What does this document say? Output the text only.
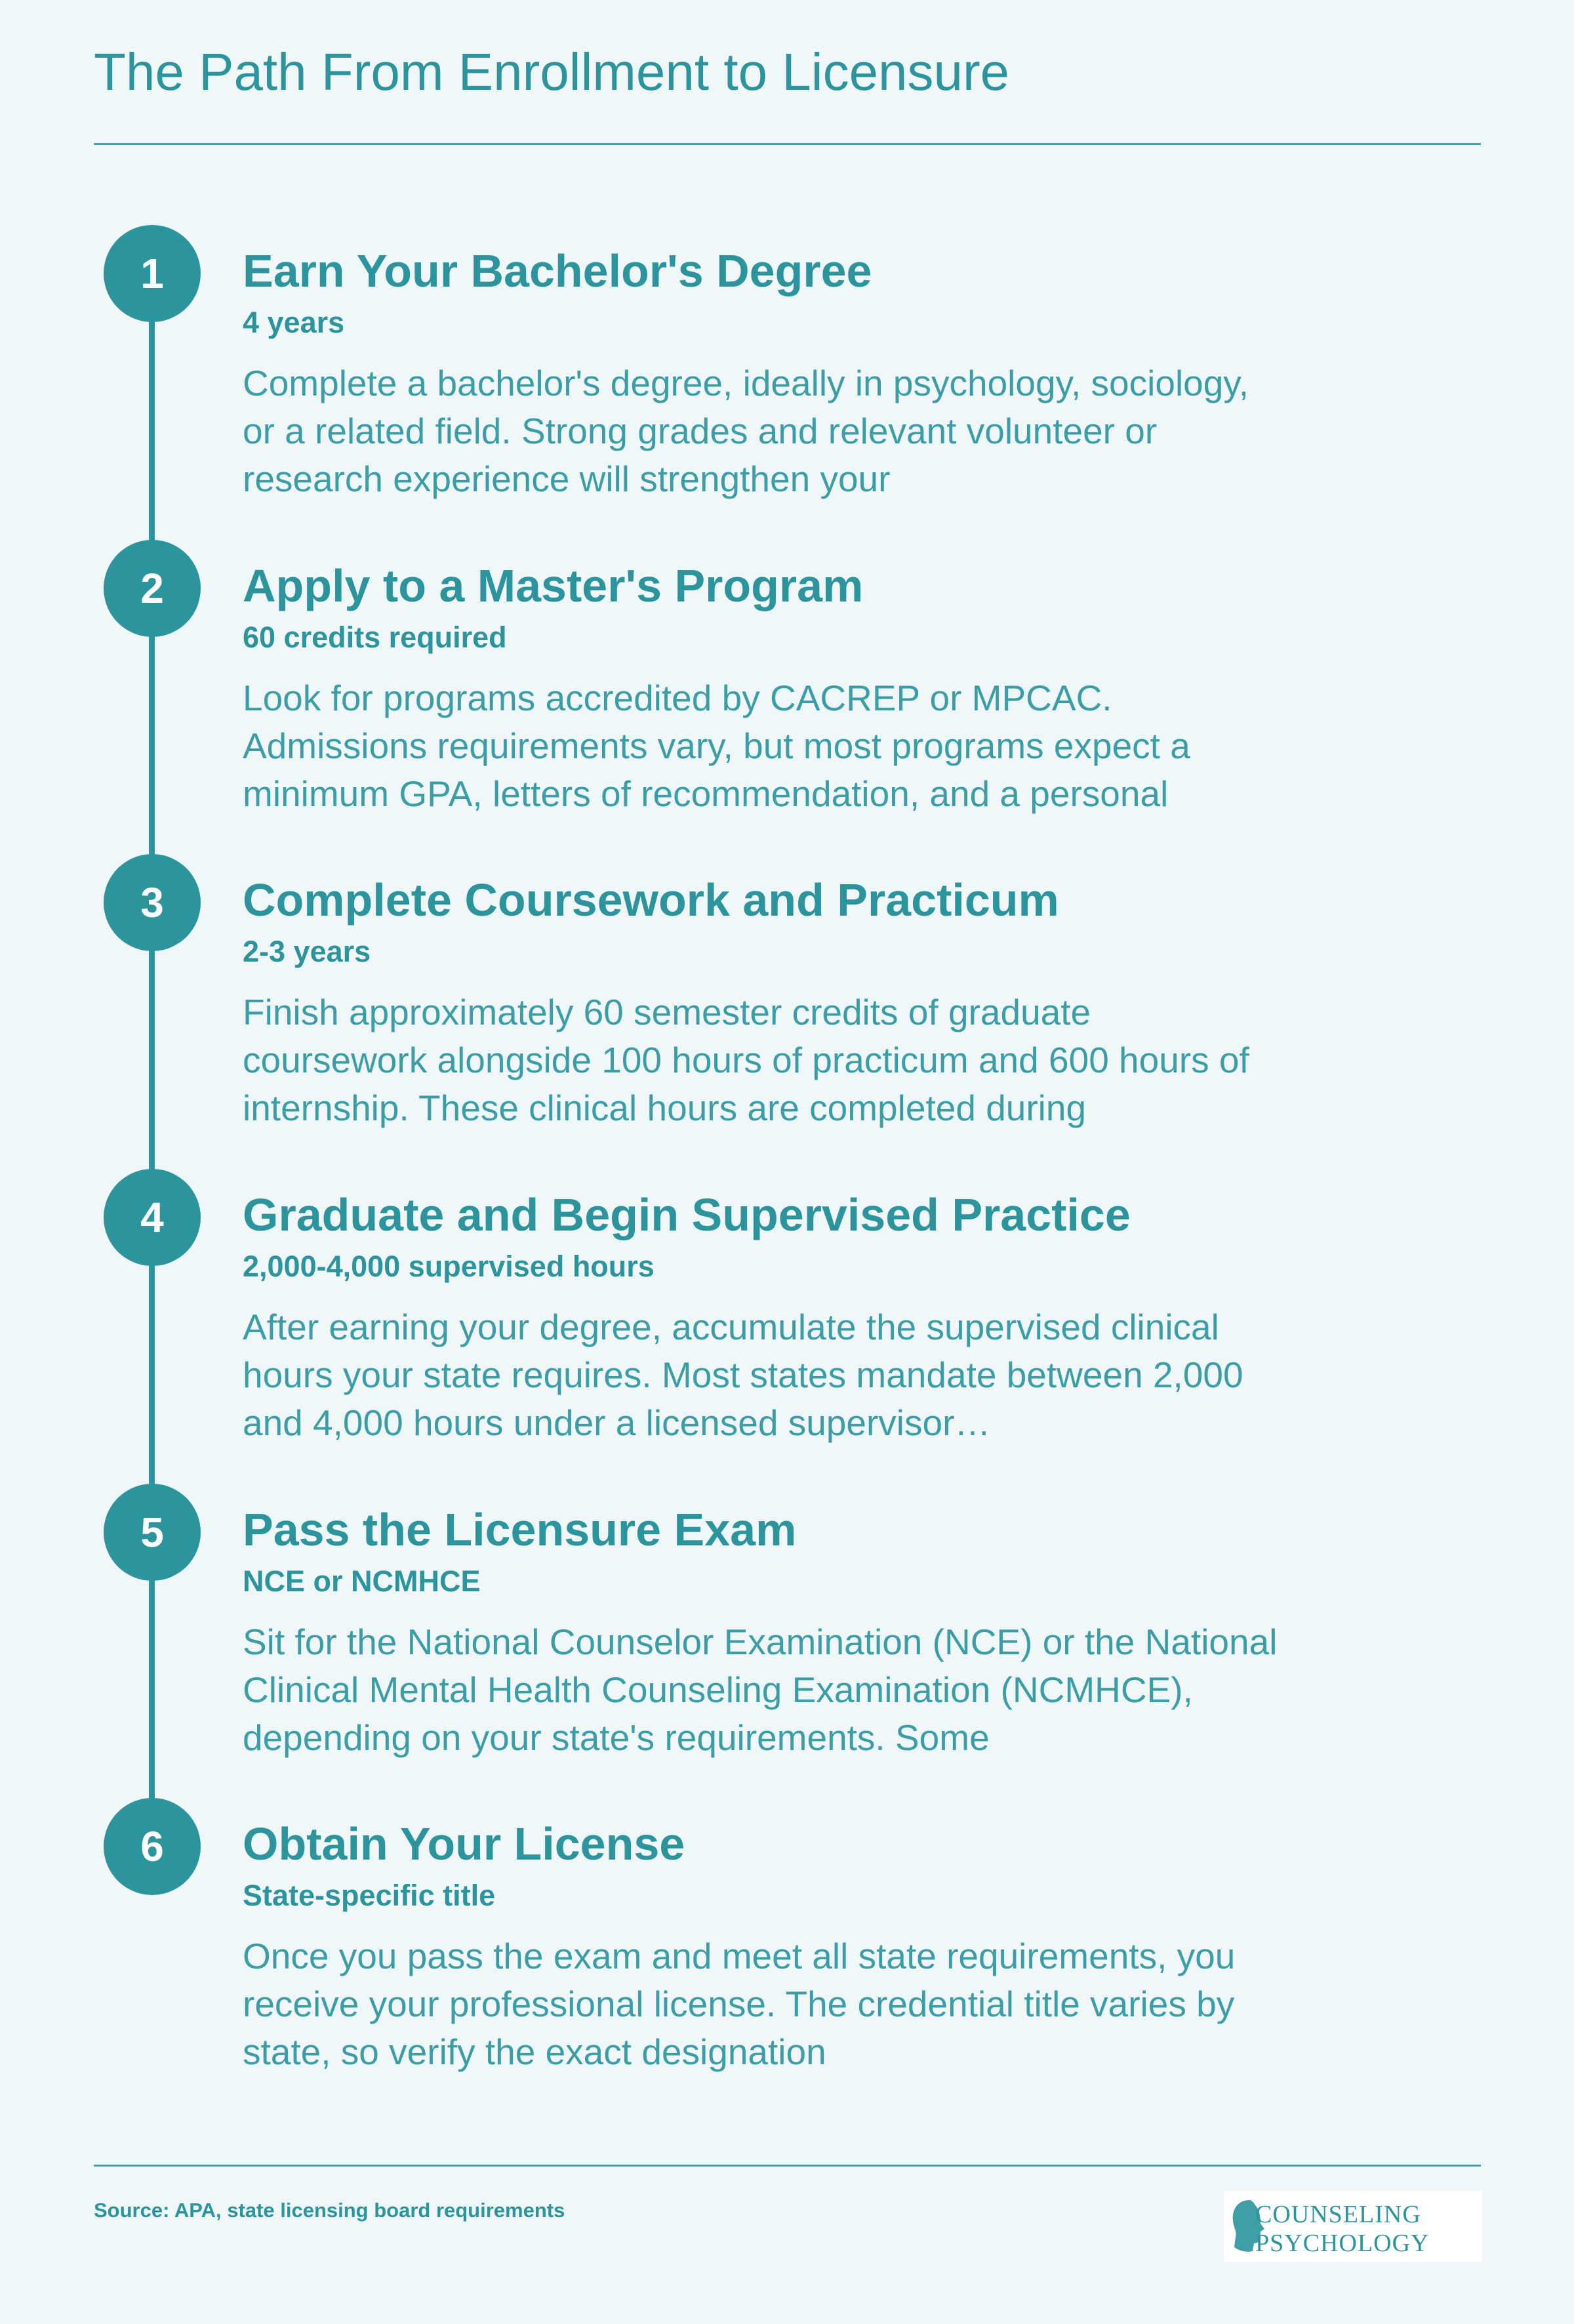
The Path From Enrollment to Licensure
1	Earn Your Bachelor's Degree
4 years
Complete a bachelor's degree, ideally in psychology, sociology, or a related field. Strong grades and relevant volunteer or research experience will strengthen your
2	Apply to a Master's Program
60 credits required
Look for programs accredited by CACREP or MPCAC. Admissions requirements vary, but most programs expect a minimum GPA, letters of recommendation, and a personal
3	Complete Coursework and Practicum
2-3 years
Finish approximately 60 semester credits of graduate coursework alongside 100 hours of practicum and 600 hours of internship. These clinical hours are completed during
4	Graduate and Begin Supervised Practice
2,000-4,000 supervised hours
After earning your degree, accumulate the supervised clinical hours your state requires. Most states mandate between 2,000 and 4,000 hours under a licensed supervisor…
5	Pass the Licensure Exam
NCE or NCMHCE
Sit for the National Counselor Examination (NCE) or the National Clinical Mental Health Counseling Examination (NCMHCE), depending on your state's requirements. Some
6	Obtain Your License
State-specific title
Once you pass the exam and meet all state requirements, you receive your professional license. The credential title varies by state, so verify the exact designation
Source: APA, state licensing board requirements	COUNSELING
PSYCHOLOGY
